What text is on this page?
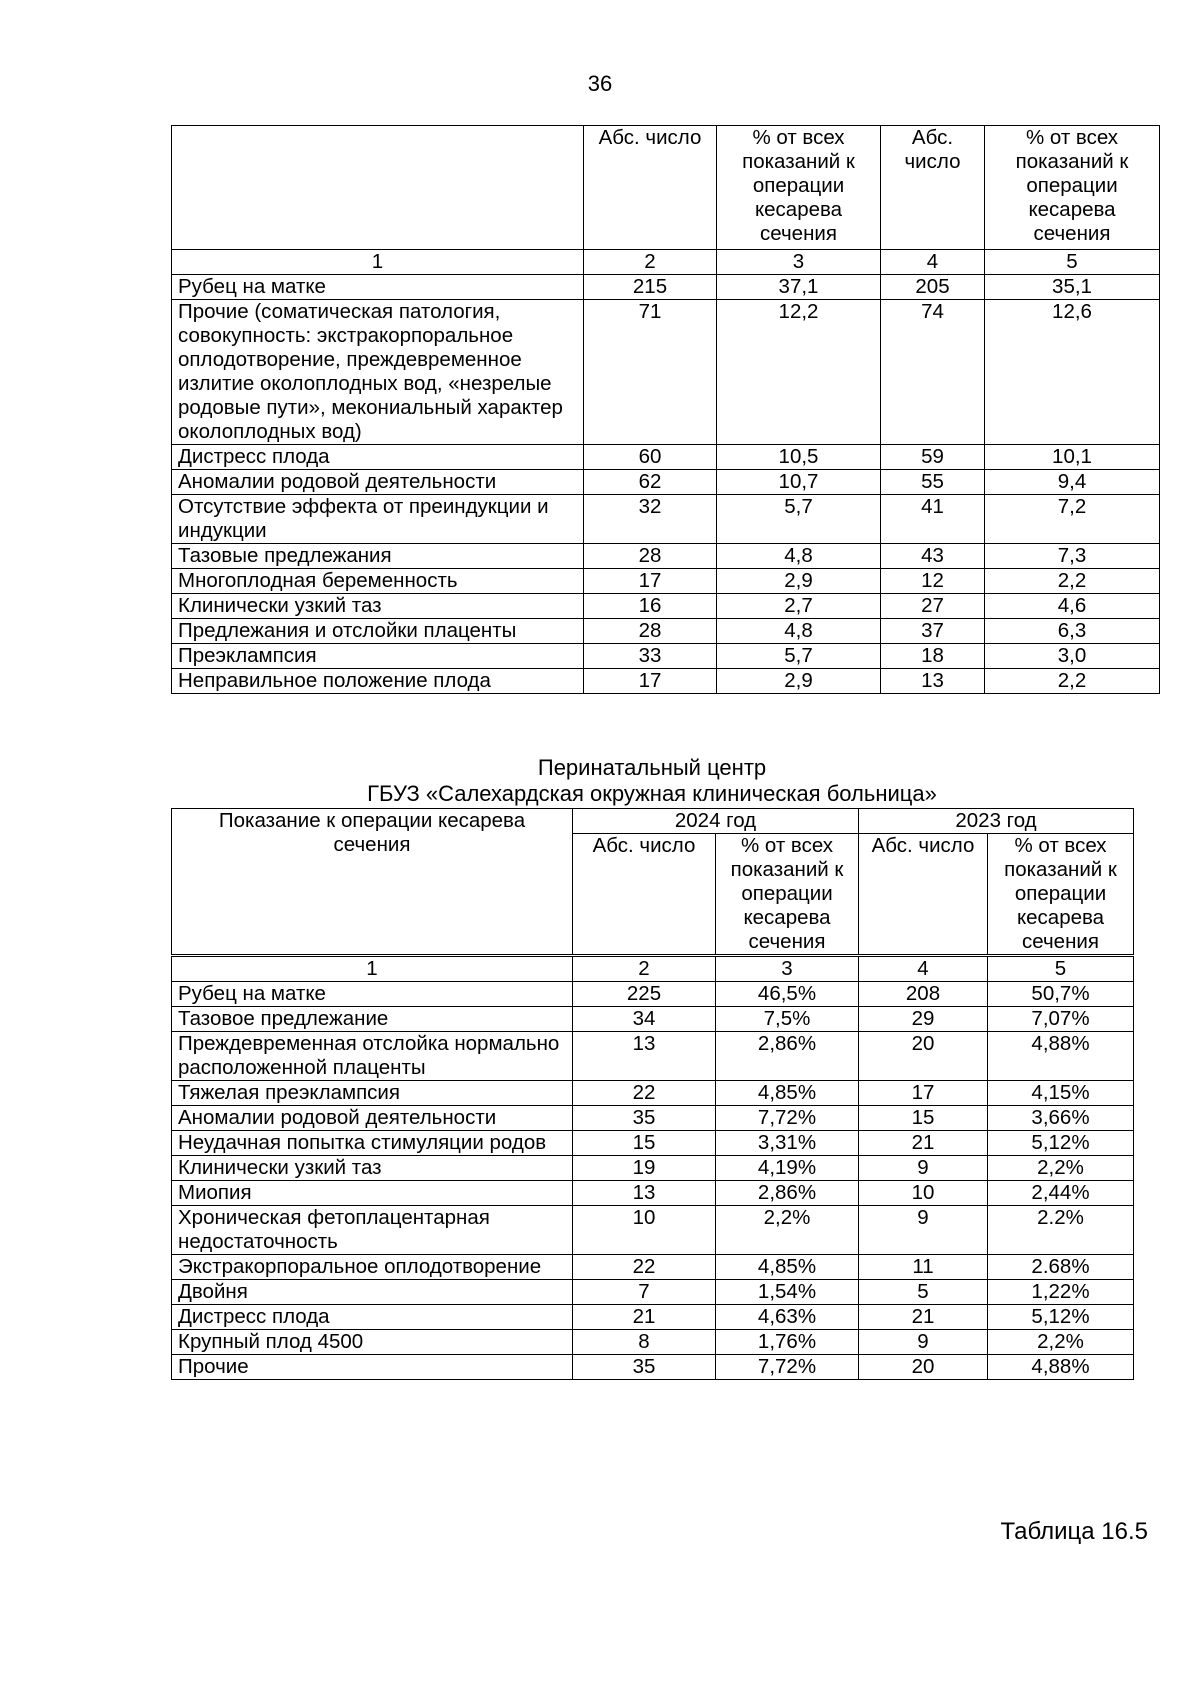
36
	Абс. число	% от всех показаний к операции кесарева сечения	Абс. число	% от всех показаний к операции кесарева сечения
1	2	3	4	5
Рубец на матке	215	37,1	205	35,1
Прочие (соматическая патология, совокупность: экстракорпоральное оплодотворение, преждевременное излитие околоплодных вод, «незрелые родовые пути», мекониальный характер околоплодных вод)	71	12,2	74	12,6
Дистресс плода	60	10,5	59	10,1
Аномалии родовой деятельности	62	10,7	55	9,4
Отсутствие эффекта от преиндукции и индукции	32	5,7	41	7,2
Тазовые предлежания	28	4,8	43	7,3
Многоплодная беременность	17	2,9	12	2,2
Клинически узкий таз	16	2,7	27	4,6
Предлежания и отслойки плаценты	28	4,8	37	6,3
Преэклампсия	33	5,7	18	3,0
Неправильное положение плода	17	2,9	13	2,2
Перинатальный центр
ГБУЗ «Салехардская окружная клиническая больница»
Показание к операции кесарева сечения	2024 год		2023 год	
	Абс. число	% от всех показаний к операции кесарева сечения	Абс. число	% от всех показаний к операции кесарева сечения
1	2	3	4	5
Рубец на матке	225	46,5%	208	50,7%
Тазовое предлежание	34	7,5%	29	7,07%
Преждевременная отслойка нормально расположенной плаценты	13	2,86%	20	4,88%
Тяжелая преэклампсия	22	4,85%	17	4,15%
Аномалии родовой деятельности	35	7,72%	15	3,66%
Неудачная попытка стимуляции родов	15	3,31%	21	5,12%
Клинически узкий таз	19	4,19%	9	2,2%
Миопия	13	2,86%	10	2,44%
Хроническая фетоплацентарная недостаточность	10	2,2%	9	2.2%
Экстракорпоральное оплодотворение	22	4,85%	11	2.68%
Двойня	7	1,54%	5	1,22%
Дистресс плода	21	4,63%	21	5,12%
Крупный плод 4500	8	1,76%	9	2,2%
Прочие	35	7,72%	20	4,88%
Таблица 16.5
